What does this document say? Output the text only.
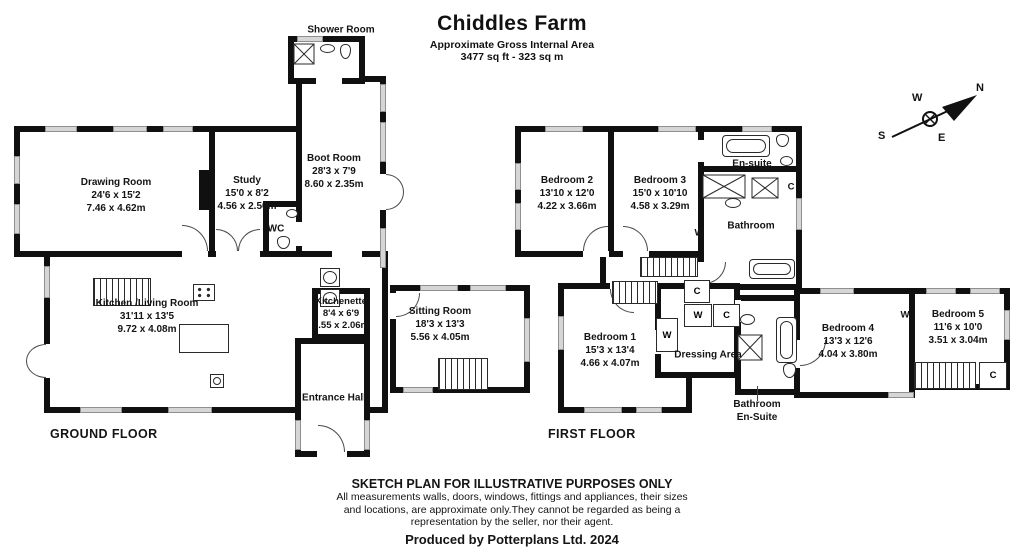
Chiddles Farm
Approximate Gross Internal Area
3477 sq ft - 323 sq m
N
W
S	E
Shower Room
Drawing Room
24'6 x 15'2
7.46 x 4.62m
Study
15'0 x 8'2
4.56 x 2.50m
WC
Boot Room
28'3 x 7'9
8.60 x 2.35m
Kitchen /Living Room
31'11 x 13'5
9.72 x 4.08m
Kitchenette
8'4 x 6'9
2.55 x 2.06m
Sitting Room
18'3 x 13'3
5.56 x 4.05m
Entrance Hall
GROUND FLOOR
C
W C
W
C
Bedroom 2
13'10 x 12'0
4.22 x 3.66m
Bedroom 3
15'0 x 10'10
4.58 x 3.29m
En-suite
Bathroom
W
C
Bedroom 1
15'3 x 13'4
4.66 x 4.07m
Dressing Area
Bathroom
En-Suite
Bedroom 4
13'3 x 12'6
4.04 x 3.80m
W	Bedroom 5
11'6 x 10'0
3.51 x 3.04m
FIRST FLOOR
SKETCH PLAN FOR ILLUSTRATIVE PURPOSES ONLY
All measurements walls, doors, windows, fittings and appliances, their sizes
and locations, are approximate only.They cannot be regarded as being a
representation by the seller, nor their agent.
Produced by Potterplans Ltd. 2024
